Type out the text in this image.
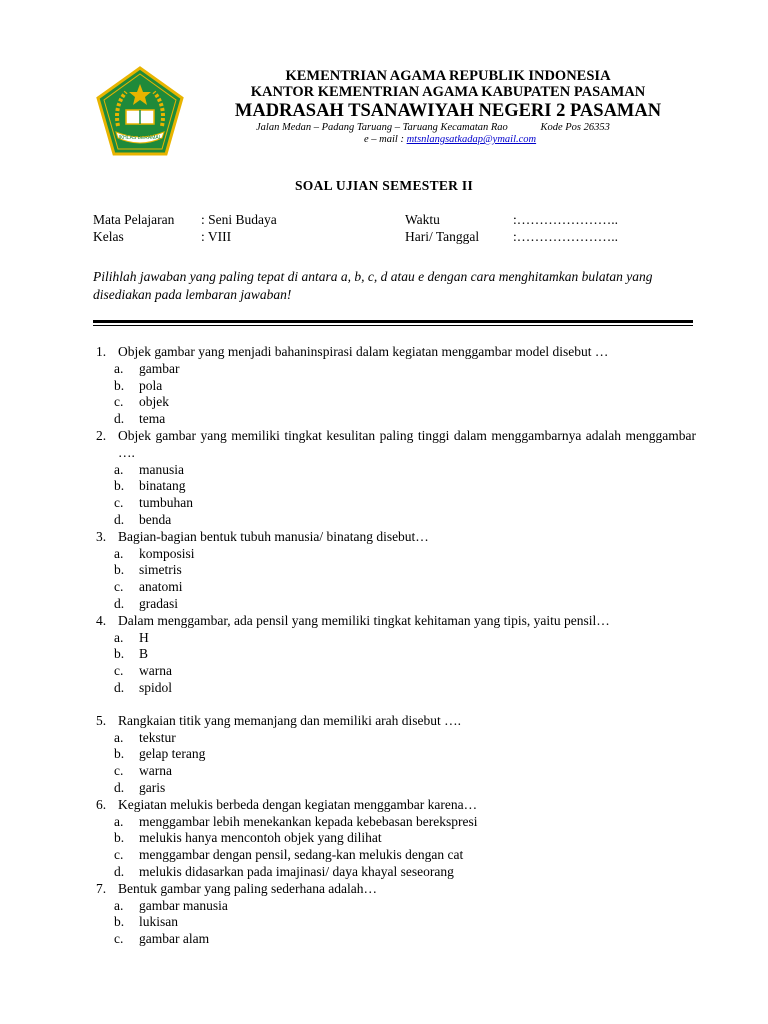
IKHLAS BERAMAL
KEMENTRIAN AGAMA REPUBLIK INDONESIA
KANTOR KEMENTRIAN AGAMA KABUPATEN PASAMAN
MADRASAH TSANAWIYAH NEGERI 2 PASAMAN
Jalan Medan – Padang Taruang – Taruang Kecamatan Rao	Kode Pos 26353
e – mail : mtsnlangsatkadap@ymail.com
SOAL UJIAN SEMESTER II
Mata Pelajaran : Seni Budaya	Waktu	:…………………..
Kelas	: VIII	Hari/ Tanggal	:…………………..
Pilihlah jawaban yang paling tepat di antara a, b, c, d atau e dengan cara menghitamkan bulatan yang disediakan pada lembaran jawaban!
1. Objek gambar yang menjadi bahaninspirasi dalam kegiatan menggambar model disebut …
a.	gambar
b.	pola
c.	objek
d.	tema
2. Objek gambar yang memiliki tingkat kesulitan paling tinggi dalam menggambarnya adalah menggambar ….
a.	manusia
b.	binatang
c.	tumbuhan
d.	benda
3. Bagian-bagian bentuk tubuh manusia/ binatang disebut…
a.	komposisi
b.	simetris
c.	anatomi
d.	gradasi
4. Dalam menggambar, ada pensil yang memiliki tingkat kehitaman yang tipis, yaitu pensil…
a.	H
b.	B
c.	warna
d.	spidol
5. Rangkaian titik yang memanjang dan memiliki arah disebut ….
a.	tekstur
b.	gelap terang
c.	warna
d.	garis
6. Kegiatan melukis berbeda dengan kegiatan menggambar karena…
a.	menggambar lebih menekankan kepada kebebasan berekspresi
b.	melukis hanya mencontoh objek yang dilihat
c.	menggambar dengan pensil, sedang-kan melukis dengan cat
d.	melukis didasarkan pada imajinasi/ daya khayal seseorang
7. Bentuk gambar yang paling sederhana adalah…
a.	gambar manusia
b.	lukisan
c.	gambar alam
